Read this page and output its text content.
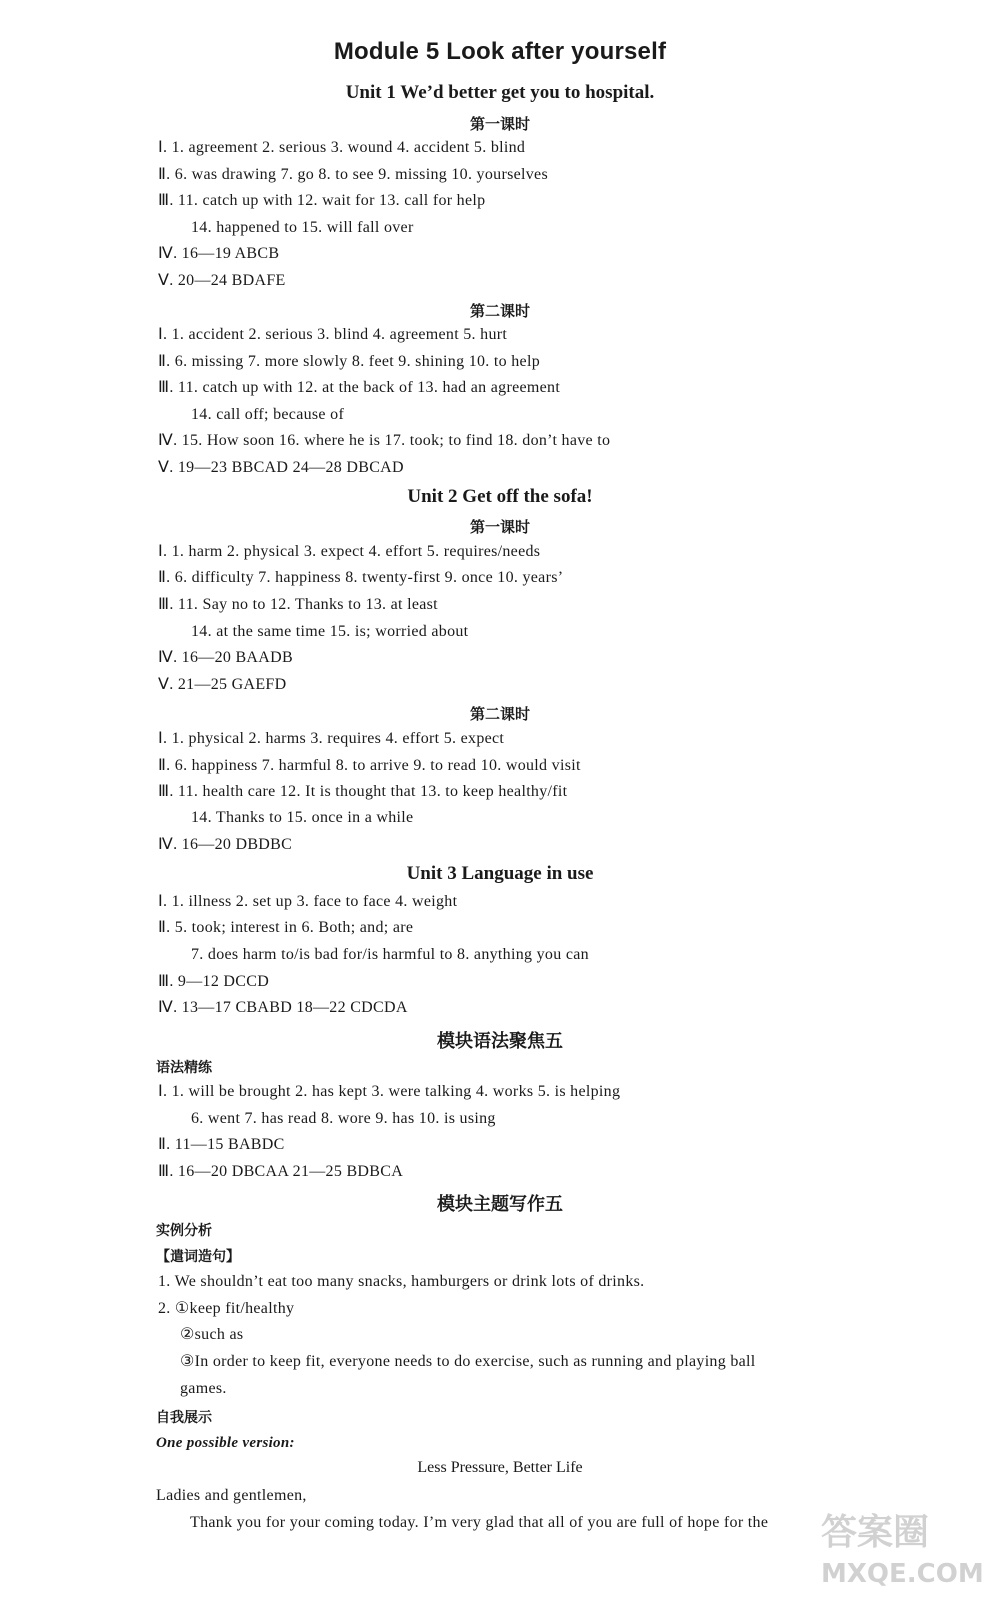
Module 5 Look after yourself
Unit 1 We’d better get you to hospital.
第一课时
Ⅰ. 1. agreement 2. serious 3. wound 4. accident 5. blind
Ⅱ. 6. was drawing 7. go 8. to see 9. missing 10. yourselves
Ⅲ. 11. catch up with 12. wait for 13. call for help
14. happened to 15. will fall over
Ⅳ. 16—19 ABCB
Ⅴ. 20—24 BDAFE
第二课时
Ⅰ. 1. accident 2. serious 3. blind 4. agreement 5. hurt
Ⅱ. 6. missing 7. more slowly 8. feet 9. shining 10. to help
Ⅲ. 11. catch up with 12. at the back of 13. had an agreement
14. call off; because of
Ⅳ. 15. How soon 16. where he is 17. took; to find 18. don’t have to
Ⅴ. 19—23 BBCAD 24—28 DBCAD
Unit 2 Get off the sofa!
第一课时
Ⅰ. 1. harm 2. physical 3. expect 4. effort 5. requires/needs
Ⅱ. 6. difficulty 7. happiness 8. twenty-first 9. once 10. years’
Ⅲ. 11. Say no to 12. Thanks to 13. at least
14. at the same time 15. is; worried about
Ⅳ. 16—20 BAADB
Ⅴ. 21—25 GAEFD
第二课时
Ⅰ. 1. physical 2. harms 3. requires 4. effort 5. expect
Ⅱ. 6. happiness 7. harmful 8. to arrive 9. to read 10. would visit
Ⅲ. 11. health care 12. It is thought that 13. to keep healthy/fit
14. Thanks to 15. once in a while
Ⅳ. 16—20 DBDBC
Unit 3 Language in use
Ⅰ. 1. illness 2. set up 3. face to face 4. weight
Ⅱ. 5. took; interest in 6. Both; and; are
7. does harm to/is bad for/is harmful to 8. anything you can
Ⅲ. 9—12 DCCD
Ⅳ. 13—17 CBABD 18—22 CDCDA
模块语法聚焦五
语法精练
Ⅰ. 1. will be brought 2. has kept 3. were talking 4. works 5. is helping
6. went 7. has read 8. wore 9. has 10. is using
Ⅱ. 11—15 BABDC
Ⅲ. 16—20 DBCAA 21—25 BDBCA
模块主题写作五
实例分析
【遣词造句】
1. We shouldn’t eat too many snacks, hamburgers or drink lots of drinks.
2. ①keep fit/healthy
②such as
③In order to keep fit, everyone needs to do exercise, such as running and playing ball
games.
自我展示
One possible version:
Less Pressure, Better Life
Ladies and gentlemen,
Thank you for your coming today. I’m very glad that all of you are full of hope for the 答案圈
MXQE.COM
